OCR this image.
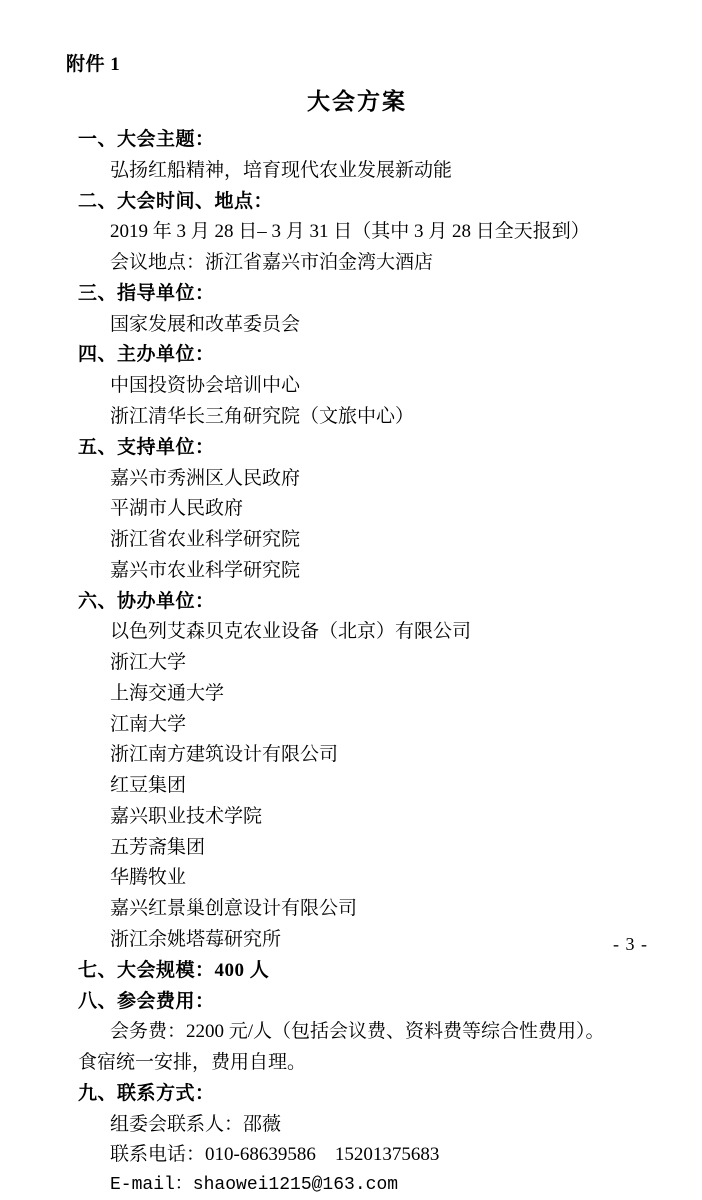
附件 1
大会方案
一、大会主题：
弘扬红船精神，培育现代农业发展新动能
二、大会时间、地点：
2019 年 3 月 28 日– 3 月 31 日（其中 3 月 28 日全天报到）
会议地点：浙江省嘉兴市泊金湾大酒店
三、指导单位：
国家发展和改革委员会
四、主办单位：
中国投资协会培训中心
浙江清华长三角研究院（文旅中心）
五、支持单位：
嘉兴市秀洲区人民政府
平湖市人民政府
浙江省农业科学研究院
嘉兴市农业科学研究院
六、协办单位：
以色列艾森贝克农业设备（北京）有限公司
浙江大学
上海交通大学
江南大学
浙江南方建筑设计有限公司
红豆集团
嘉兴职业技术学院
五芳斋集团
华腾牧业
嘉兴红景巢创意设计有限公司
浙江余姚塔莓研究所
七、大会规模：400 人
八、参会费用：
会务费：2200 元/人（包括会议费、资料费等综合性费用）。
食宿统一安排，费用自理。
九、联系方式：
组委会联系人：邵薇
联系电话：010-68639586    15201375683
E-mail：shaowei1215@163.com
- 3 -
